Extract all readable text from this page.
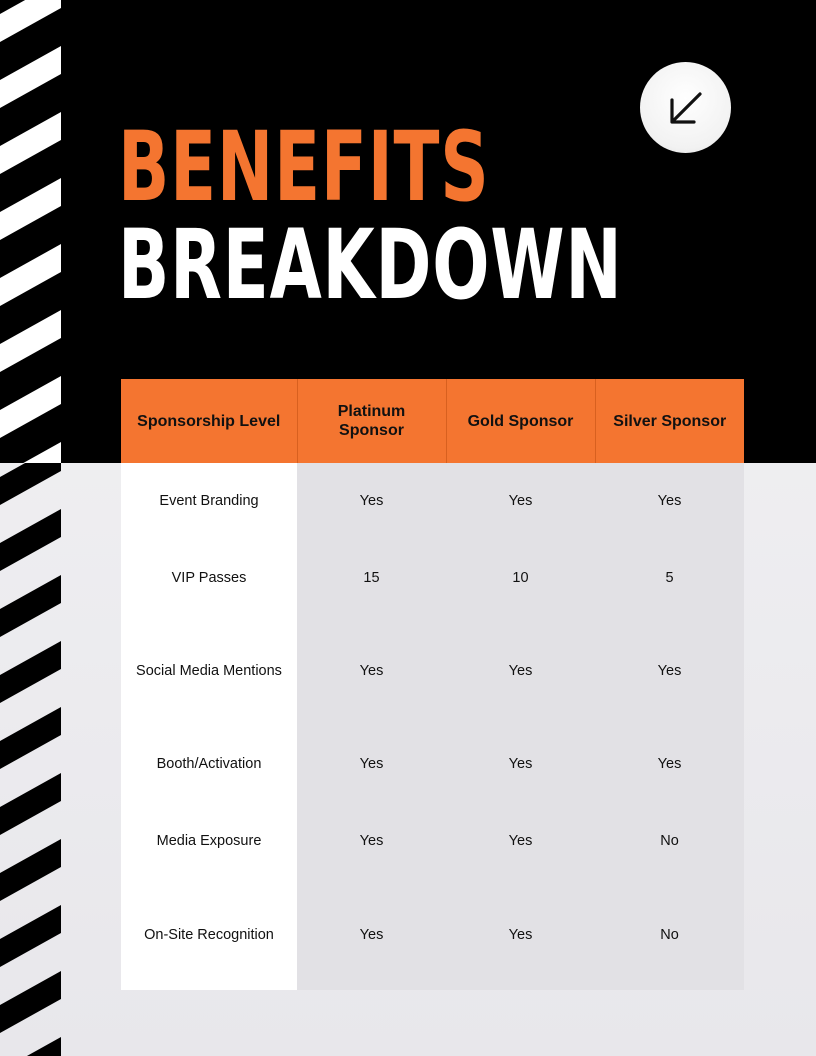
BENEFITS
BREAKDOWN
Sponsorship Level	Platinum Sponsor	Gold Sponsor	Silver Sponsor
Event Branding	Yes	Yes	Yes
VIP Passes	15	10	5
Social Media Mentions	Yes	Yes	Yes
Booth/Activation	Yes	Yes	Yes
Media Exposure	Yes	Yes	No
On-Site Recognition	Yes	Yes	No
